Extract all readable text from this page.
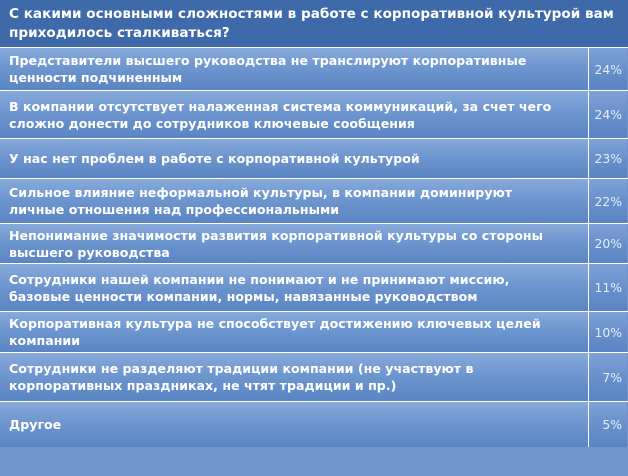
С какими основными сложностями в работе с корпоративной культурой вам приходилось сталкиваться?
Представители высшего руководства не транслируют корпоративные ценности подчиненным
24%
В компании отсутствует налаженная система коммуникаций, за счет чего сложно донести до сотрудников ключевые сообщения
24%
У нас нет проблем в работе с корпоративной культурой	23%
Сильное влияние неформальной культуры, в компании доминируют личные отношения над профессиональными
22%
Непонимание значимости развития корпоративной культуры со стороны высшего руководства
20%
Сотрудники нашей компании не понимают и не принимают миссию, базовые ценности компании, нормы, навязанные руководством
11%
Корпоративная культура не способствует достижению ключевых целей компании
10%
Сотрудники не разделяют традиции компании (не участвуют в корпоративных праздниках, не чтят традиции и пр.)
7%
Другое	5%
